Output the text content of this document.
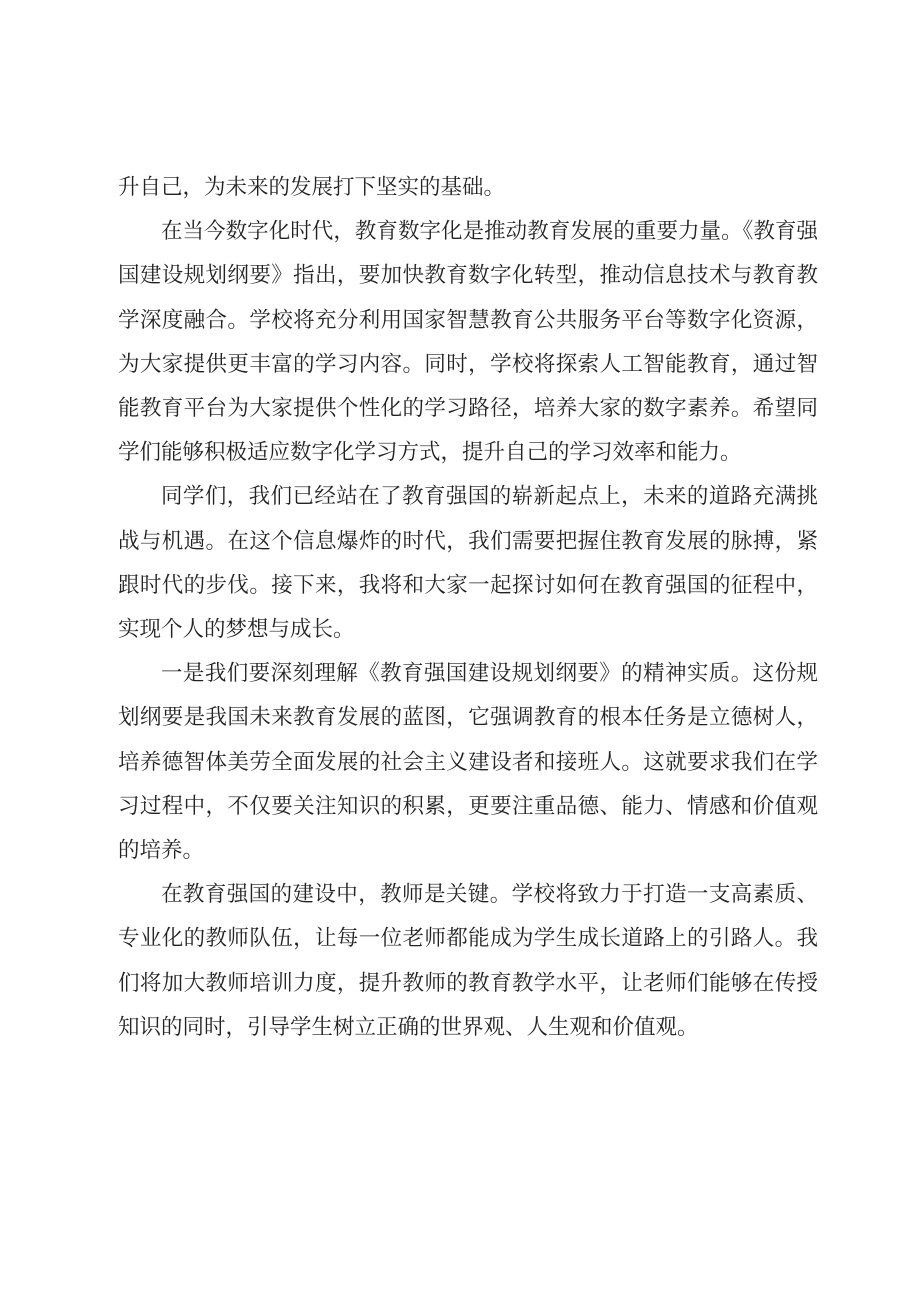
升自己，为未来的发展打下坚实的基础。

在当今数字化时代，教育数字化是推动教育发展的重要力量。《教育强国建设规划纲要》指出，要加快教育数字化转型，推动信息技术与教育教学深度融合。学校将充分利用国家智慧教育公共服务平台等数字化资源，为大家提供更丰富的学习内容。同时，学校将探索人工智能教育，通过智能教育平台为大家提供个性化的学习路径，培养大家的数字素养。希望同学们能够积极适应数字化学习方式，提升自己的学习效率和能力。

同学们，我们已经站在了教育强国的崭新起点上，未来的道路充满挑战与机遇。在这个信息爆炸的时代，我们需要把握住教育发展的脉搏，紧跟时代的步伐。接下来，我将和大家一起探讨如何在教育强国的征程中，实现个人的梦想与成长。

一是我们要深刻理解《教育强国建设规划纲要》的精神实质。这份规划纲要是我国未来教育发展的蓝图，它强调教育的根本任务是立德树人，培养德智体美劳全面发展的社会主义建设者和接班人。这就要求我们在学习过程中，不仅要关注知识的积累，更要注重品德、能力、情感和价值观的培养。

在教育强国的建设中，教师是关键。学校将致力于打造一支高素质、专业化的教师队伍，让每一位老师都能成为学生成长道路上的引路人。我们将加大教师培训力度，提升教师的教育教学水平，让老师们能够在传授知识的同时，引导学生树立正确的世界观、人生观和价值观。
